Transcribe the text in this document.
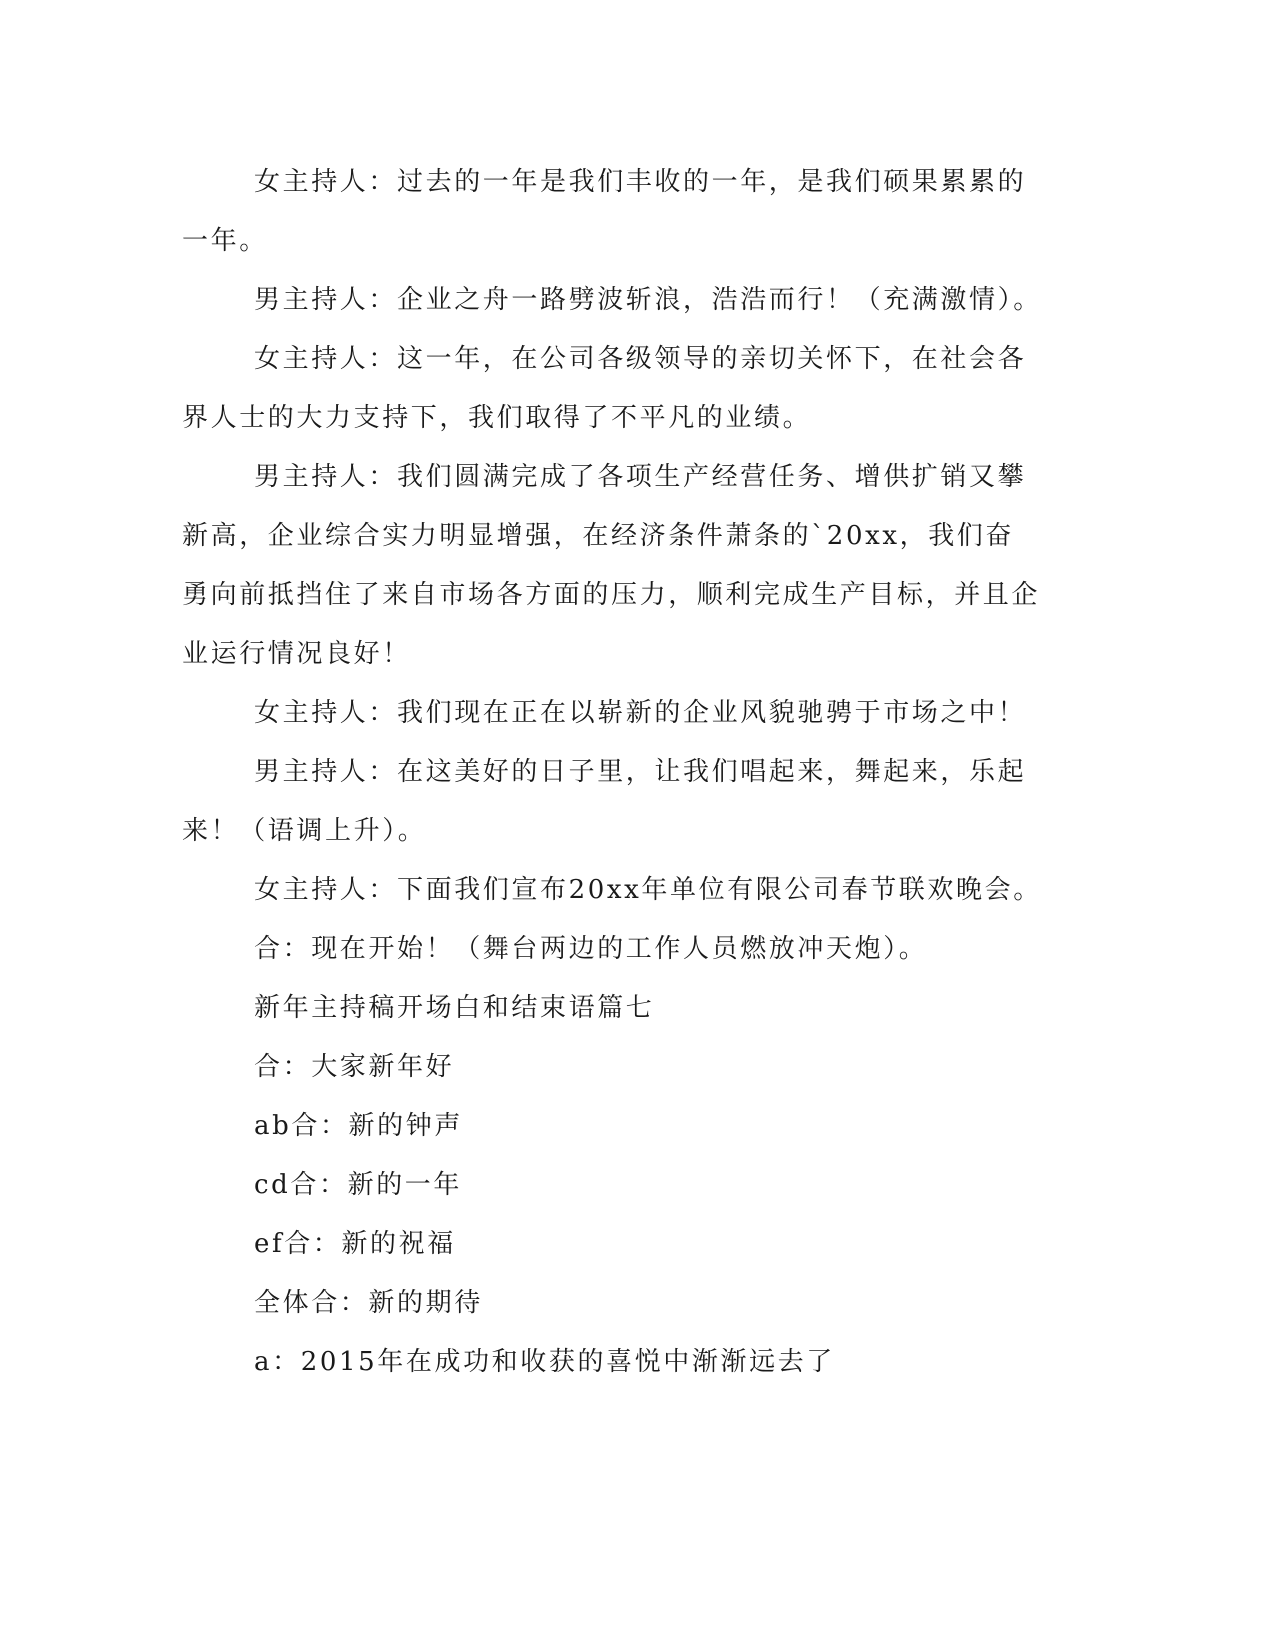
女主持人：过去的一年是我们丰收的一年，是我们硕果累累的一年。

男主持人：企业之舟一路劈波斩浪，浩浩而行！（充满激情）。

女主持人：这一年，在公司各级领导的亲切关怀下，在社会各界人士的大力支持下，我们取得了不平凡的业绩。

男主持人：我们圆满完成了各项生产经营任务、增供扩销又攀新高，企业综合实力明显增强，在经济条件萧条的`20xx，我们奋勇向前抵挡住了来自市场各方面的压力，顺利完成生产目标，并且企业运行情况良好！

女主持人：我们现在正在以崭新的企业风貌驰骋于市场之中！

男主持人：在这美好的日子里，让我们唱起来，舞起来，乐起来！（语调上升）。

女主持人：下面我们宣布20xx年单位有限公司春节联欢晚会。

合：现在开始！（舞台两边的工作人员燃放冲天炮）。

新年主持稿开场白和结束语篇七

合：大家新年好

ab合：新的钟声

cd合：新的一年

ef合：新的祝福

全体合：新的期待

a：2015年在成功和收获的喜悦中渐渐远去了
